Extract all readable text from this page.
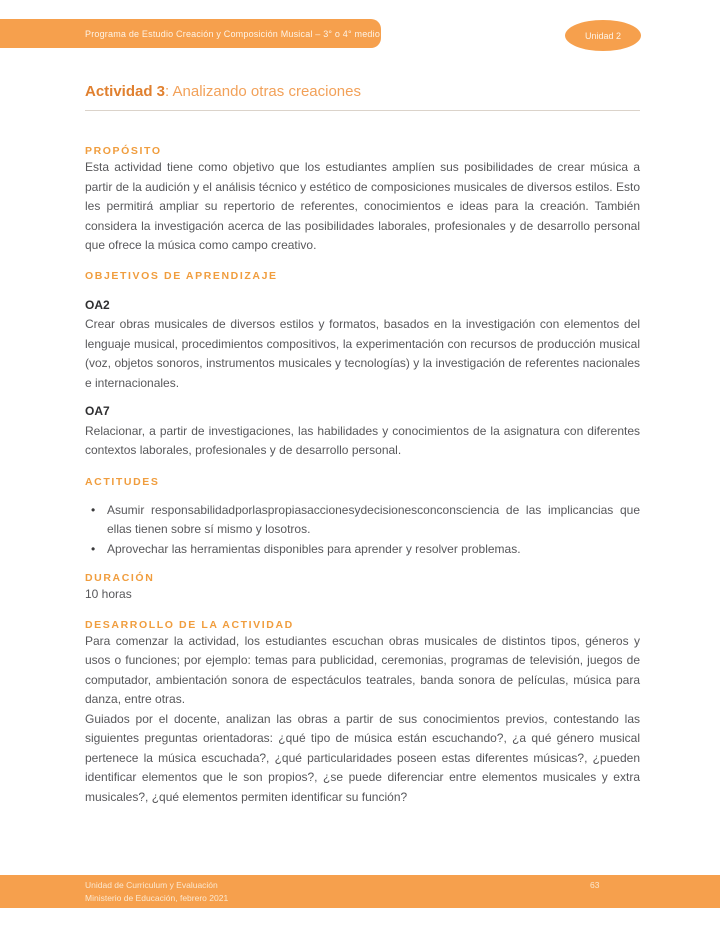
Programa de Estudio Creación y Composición Musical – 3° o 4° medio	Unidad 2
Actividad 3: Analizando otras creaciones
PROPÓSITO

Esta actividad tiene como objetivo que los estudiantes amplíen sus posibilidades de crear música a partir de la audición y el análisis técnico y estético de composiciones musicales de diversos estilos. Esto les permitirá ampliar su repertorio de referentes, conocimientos e ideas para la creación. También considera la investigación acerca de las posibilidades laborales, profesionales y de desarrollo personal que ofrece la música como campo creativo.

OBJETIVOS DE APRENDIZAJE
OA2

Crear obras musicales de diversos estilos y formatos, basados en la investigación con elementos del lenguaje musical, procedimientos compositivos, la experimentación con recursos de producción musical (voz, objetos sonoros, instrumentos musicales y tecnologías) y la investigación de referentes nacionales e internacionales.

OA7

Relacionar, a partir de investigaciones, las habilidades y conocimientos de la asignatura con diferentes contextos laborales, profesionales y de desarrollo personal.

ACTITUDES
• Asumir responsabilidadporlaspropiasaccionesydecisionesconconsciencia de las implicancias que ellas tienen sobre sí mismo y losotros.
• Aprovechar las herramientas disponibles para aprender y resolver problemas.
DURACIÓN

10 horas

DESARROLLO DE LA ACTIVIDAD

Para comenzar la actividad, los estudiantes escuchan obras musicales de distintos tipos, géneros y usos o funciones; por ejemplo: temas para publicidad, ceremonias, programas de televisión, juegos de computador, ambientación sonora de espectáculos teatrales, banda sonora de películas, música para danza, entre otras.

Guiados por el docente, analizan las obras a partir de sus conocimientos previos, contestando las siguientes preguntas orientadoras: ¿qué tipo de música están escuchando?, ¿a qué género musical pertenece la música escuchada?, ¿qué particularidades poseen estas diferentes músicas?, ¿pueden identificar elementos que le son propios?, ¿se puede diferenciar entre elementos musicales y extra musicales?, ¿qué elementos permiten identificar su función?

Unidad de Curriculum y Evaluación
Ministerio de Educación, febrero 2021
63
